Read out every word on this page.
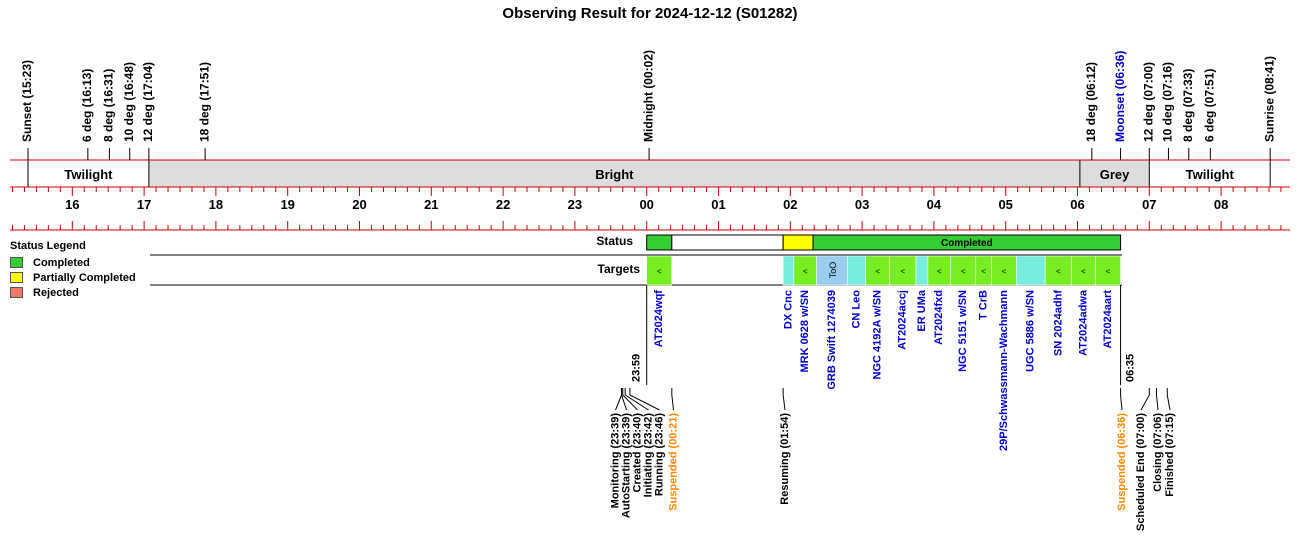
Observing Result for 2024-12-12 (S01282)
Twilight	Bright	Grey	Twilight
Sunset (15:23)	6 deg (16:13) 8 deg (16:31) 10 deg (16:48) 12 deg (17:04)	18 deg (17:51)	Midnight (00:02)	18 deg (06:12) Moonset (06:36) 12 deg (07:00) 10 deg (07:16) 8 deg (07:33) 6 deg (07:51)	Sunrise (08:41)
16	17	18	19	20	21	22	23	00	01	02	03	04	05	06	07	08
Status
Targets
Completed
<
AT2024wqf	DX Cnc
<
MRK 0628 w/SN
ToO
GRB Swift 1274039 CN Leo
<
NGC 4192A w/SN
<
AT2024accj ER UMa
<
AT2024fxd
<
NGC 5151 w/SN
<
T CrB
<
29P/Schwassmann-Wachmann UGC 5886 w/SN
<
SN 2024adhf
<
AT2024adwa
<
AT2024aart
23:59	06:35
Monitoring (23:39) AutoStarting (23:39) Created (23:40) Initiating (23:42) Running (23:46) Suspended (00:21)	Resuming (01:54)	Suspended (06:36) Scheduled End (07:00) Closing (07:06) Finished (07:15)
Status Legend
Completed
Partially Completed
Rejected
